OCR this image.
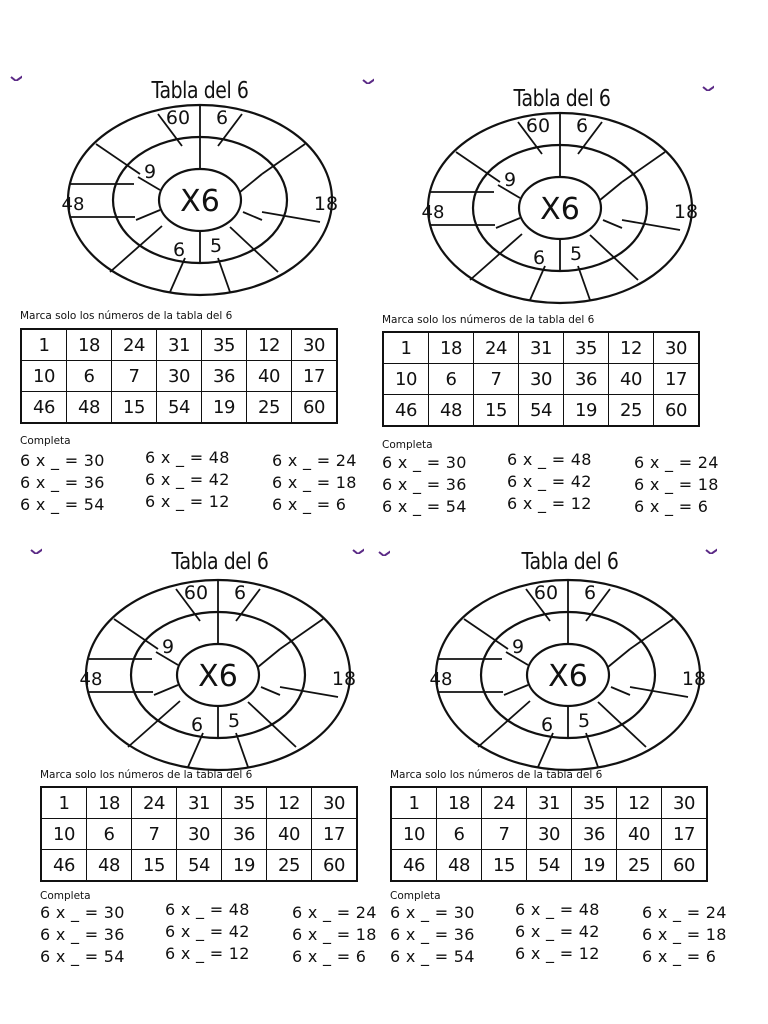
Tabla del 6
60 6
48	18
9
6 5
X6
Marca solo los números de la tabla del 6
1	18	24	31	35	12	30
10	6	7	30	36	40	17
46	48	15	54	19	25	60
Completa
6 x _ = 30
6 x _ = 36
6 x _ = 54
6 x _ = 48
6 x _ = 42
6 x _ = 12
6 x _ = 24
6 x _ = 18
6 x _ = 6
Tabla del 6
60 6
48	18
9
6 5
X6
Marca solo los números de la tabla del 6
1	18	24	31	35	12	30
10	6	7	30	36	40	17
46	48	15	54	19	25	60
Completa
6 x _ = 30
6 x _ = 36
6 x _ = 54
6 x _ = 48
6 x _ = 42
6 x _ = 12
6 x _ = 24
6 x _ = 18
6 x _ = 6
Tabla del 6
60 6
48	18
9
6 5
X6
Marca solo los números de la tabla del 6
1	18	24	31	35	12	30
10	6	7	30	36	40	17
46	48	15	54	19	25	60
Completa
6 x _ = 30
6 x _ = 36
6 x _ = 54
6 x _ = 48
6 x _ = 42
6 x _ = 12
6 x _ = 24
6 x _ = 18
6 x _ = 6
Tabla del 6
60 6
48	18
9
6 5
X6
Marca solo los números de la tabla del 6
1	18	24	31	35	12	30
10	6	7	30	36	40	17
46	48	15	54	19	25	60
Completa
6 x _ = 30
6 x _ = 36
6 x _ = 54
6 x _ = 48
6 x _ = 42
6 x _ = 12
6 x _ = 24
6 x _ = 18
6 x _ = 6
